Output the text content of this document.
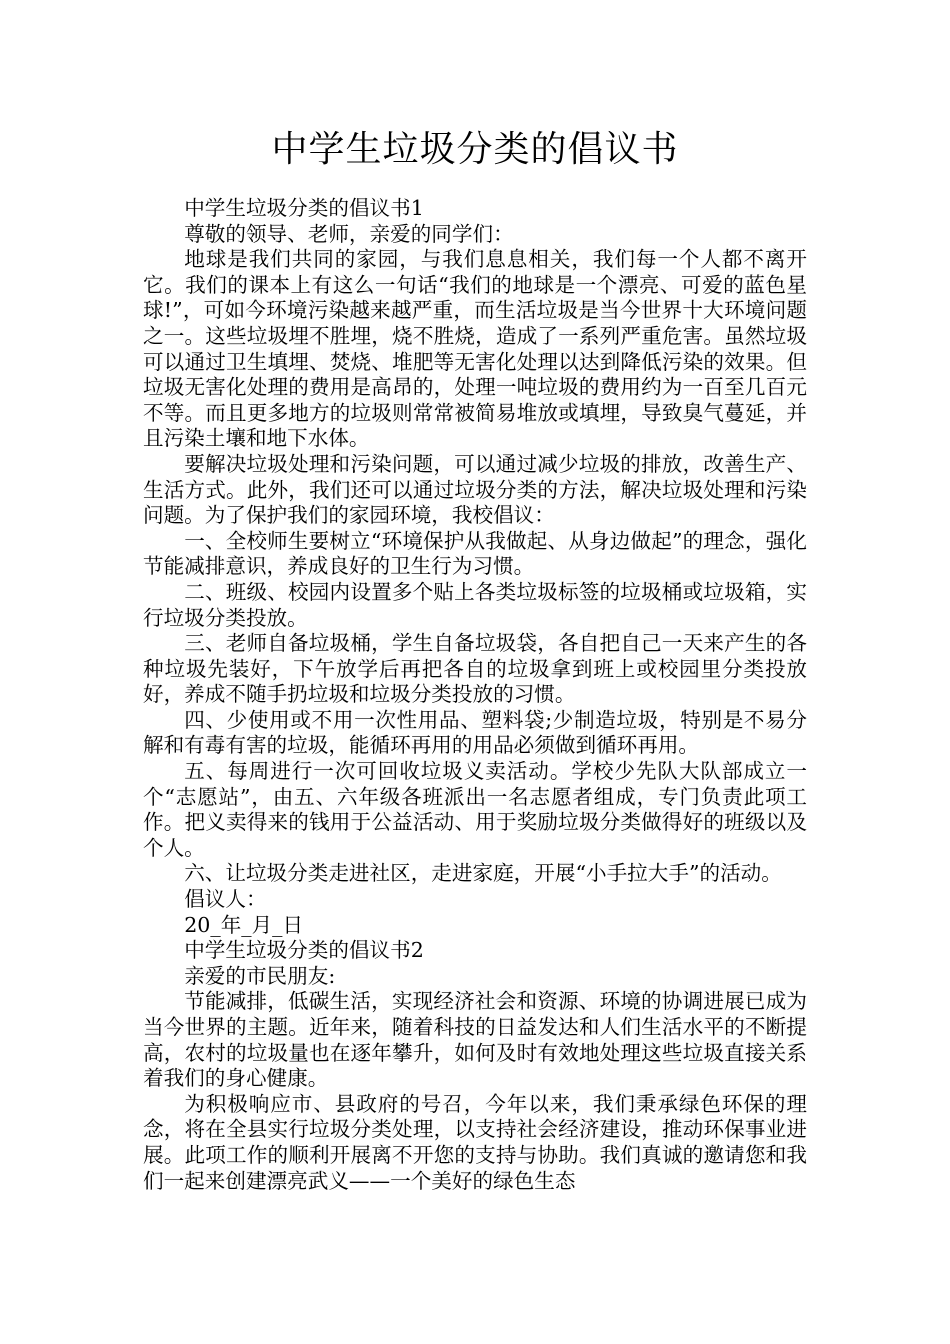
中学生垃圾分类的倡议书

中学生垃圾分类的倡议书1

尊敬的领导、老师，亲爱的同学们：

地球是我们共同的家园，与我们息息相关，我们每一个人都不离开它。我们的课本上有这么一句话“我们的地球是一个漂亮、可爱的蓝色星球!”，可如今环境污染越来越严重，而生活垃圾是当今世界十大环境问题之一。这些垃圾埋不胜埋，烧不胜烧，造成了一系列严重危害。虽然垃圾可以通过卫生填埋、焚烧、堆肥等无害化处理以达到降低污染的效果。但垃圾无害化处理的费用是高昂的，处理一吨垃圾的费用约为一百至几百元不等。而且更多地方的垃圾则常常被简易堆放或填埋，导致臭气蔓延，并且污染土壤和地下水体。

要解决垃圾处理和污染问题，可以通过减少垃圾的排放，改善生产、生活方式。此外，我们还可以通过垃圾分类的方法，解决垃圾处理和污染问题。为了保护我们的家园环境，我校倡议：

一、全校师生要树立“环境保护从我做起、从身边做起”的理念，强化节能减排意识，养成良好的卫生行为习惯。

二、班级、校园内设置多个贴上各类垃圾标签的垃圾桶或垃圾箱，实行垃圾分类投放。

三、老师自备垃圾桶，学生自备垃圾袋，各自把自己一天来产生的各种垃圾先装好，下午放学后再把各自的垃圾拿到班上或校园里分类投放好，养成不随手扔垃圾和垃圾分类投放的习惯。

四、少使用或不用一次性用品、塑料袋;少制造垃圾，特别是不易分解和有毒有害的垃圾，能循环再用的用品必须做到循环再用。

五、每周进行一次可回收垃圾义卖活动。学校少先队大队部成立一个“志愿站”，由五、六年级各班派出一名志愿者组成，专门负责此项工作。把义卖得来的钱用于公益活动、用于奖励垃圾分类做得好的班级以及个人。

六、让垃圾分类走进社区，走进家庭，开展“小手拉大手”的活动。

倡议人：

20_年_月_日

中学生垃圾分类的倡议书2

亲爱的市民朋友:

节能减排，低碳生活，实现经济社会和资源、环境的协调进展已成为当今世界的主题。近年来，随着科技的日益发达和人们生活水平的不断提高，农村的垃圾量也在逐年攀升，如何及时有效地处理这些垃圾直接关系着我们的身心健康。

为积极响应市、县政府的号召，今年以来，我们秉承绿色环保的理念，将在全县实行垃圾分类处理，以支持社会经济建设，推动环保事业进展。此项工作的顺利开展离不开您的支持与协助。我们真诚的邀请您和我们一起来创建漂亮武义——一个美好的绿色生态
